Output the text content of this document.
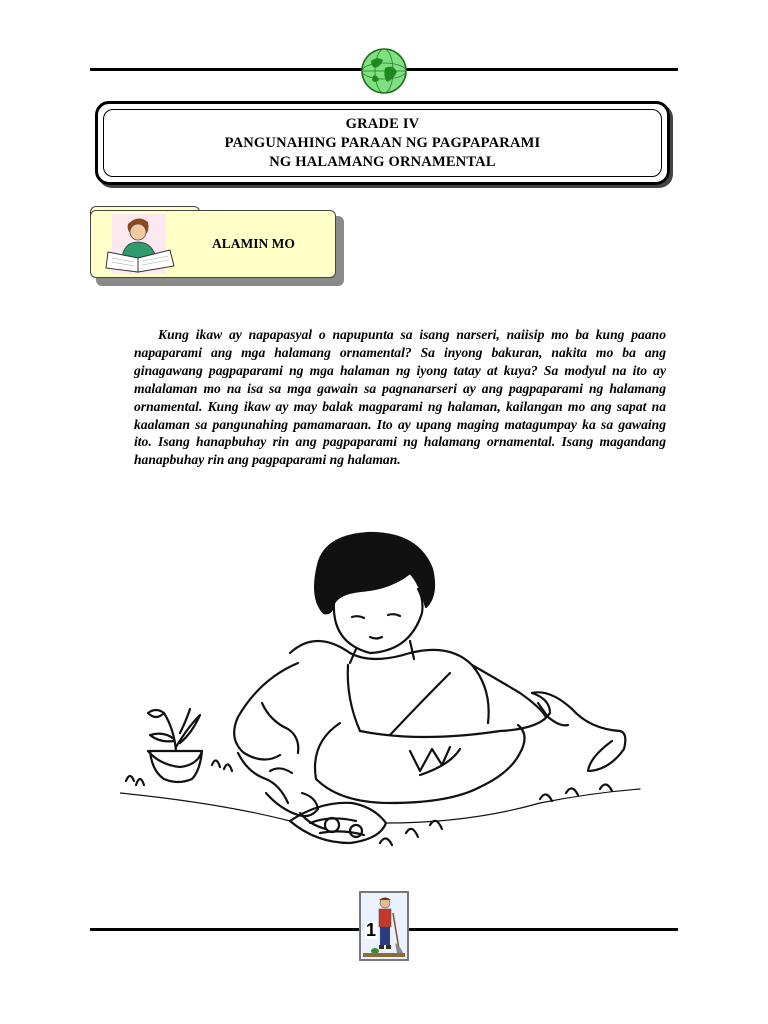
GRADE IV
PANGUNAHING PARAAN NG PAGPAPARAMI
NG HALAMANG ORNAMENTAL
ALAMIN MO
Kung ikaw ay napapasyal o napupunta sa isang narseri, naiisip mo ba kung paano napaparami ang mga halamang ornamental? Sa inyong bakuran, nakita mo ba ang ginagawang pagpaparami ng mga halaman ng iyong tatay at kuya? Sa modyul na ito ay malalaman mo na isa sa mga gawain sa pagnanarseri ay ang pagpaparami ng halamang ornamental. Kung ikaw ay may balak magparami ng halaman, kailangan mo ang sapat na kaalaman sa pangunahing pamamaraan. Ito ay upang maging matagumpay ka sa gawaing ito. Isang hanapbuhay rin ang pagpaparami ng halamang ornamental. Isang magandang hanapbuhay rin ang pagpaparami ng halaman.
1
